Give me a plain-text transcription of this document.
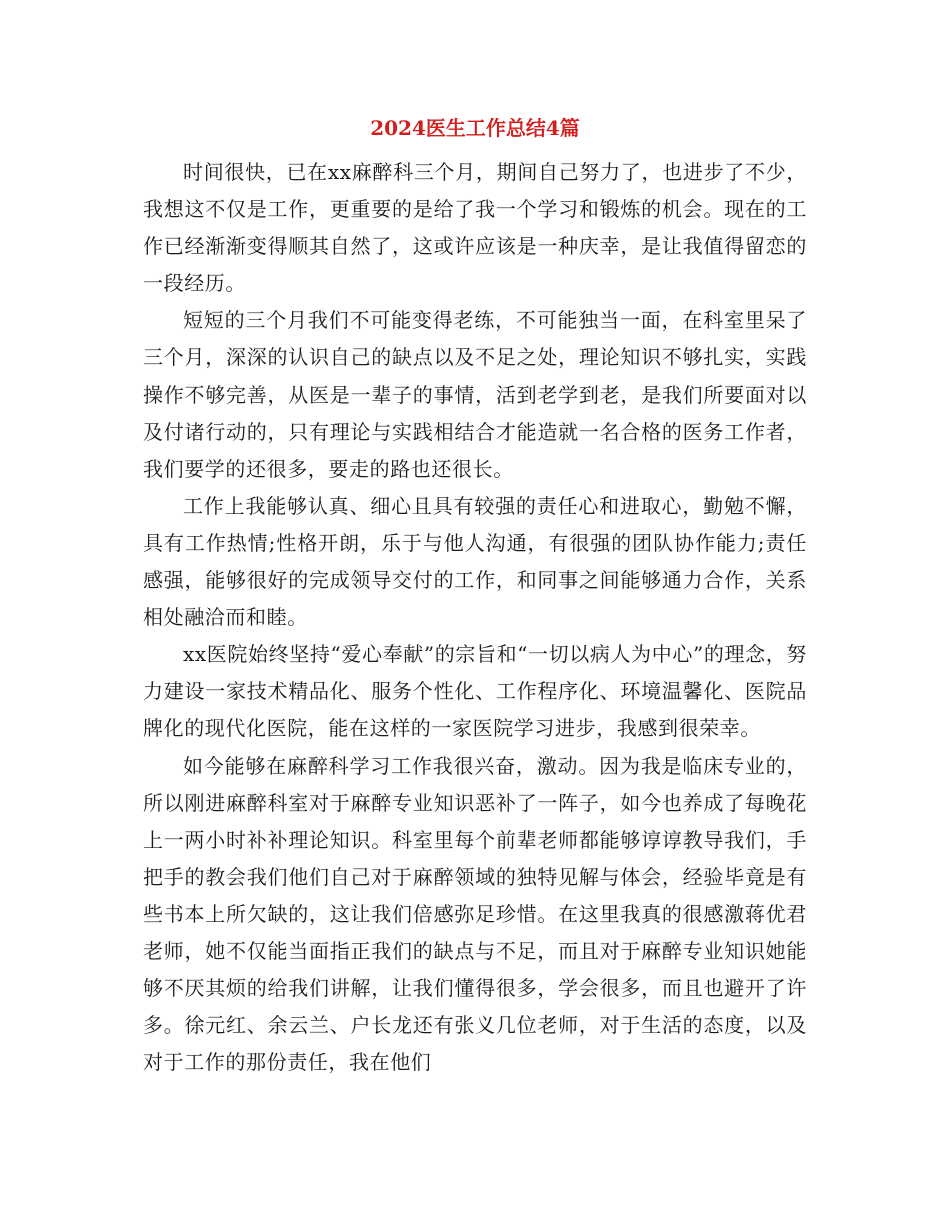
2024医生工作总结4篇

时间很快，已在xx麻醉科三个月，期间自己努力了，也进步了不少，我想这不仅是工作，更重要的是给了我一个学习和锻炼的机会。现在的工作已经渐渐变得顺其自然了，这或许应该是一种庆幸，是让我值得留恋的一段经历。

短短的三个月我们不可能变得老练，不可能独当一面，在科室里呆了三个月，深深的认识自己的缺点以及不足之处，理论知识不够扎实，实践操作不够完善，从医是一辈子的事情，活到老学到老，是我们所要面对以及付诸行动的，只有理论与实践相结合才能造就一名合格的医务工作者，我们要学的还很多，要走的路也还很长。

工作上我能够认真、细心且具有较强的责任心和进取心，勤勉不懈，具有工作热情;性格开朗，乐于与他人沟通，有很强的团队协作能力;责任感强，能够很好的完成领导交付的工作，和同事之间能够通力合作，关系相处融洽而和睦。

xx医院始终坚持“爱心奉献”的宗旨和“一切以病人为中心”的理念，努力建设一家技术精品化、服务个性化、工作程序化、环境温馨化、医院品牌化的现代化医院，能在这样的一家医院学习进步，我感到很荣幸。

如今能够在麻醉科学习工作我很兴奋，激动。因为我是临床专业的，所以刚进麻醉科室对于麻醉专业知识恶补了一阵子，如今也养成了每晚花上一两小时补补理论知识。科室里每个前辈老师都能够谆谆教导我们，手把手的教会我们他们自己对于麻醉领域的独特见解与体会，经验毕竟是有些书本上所欠缺的，这让我们倍感弥足珍惜。在这里我真的很感激蒋优君老师，她不仅能当面指正我们的缺点与不足，而且对于麻醉专业知识她能够不厌其烦的给我们讲解，让我们懂得很多，学会很多，而且也避开了许多。徐元红、余云兰、户长龙还有张义几位老师，对于生活的态度，以及对于工作的那份责任，我在他们
